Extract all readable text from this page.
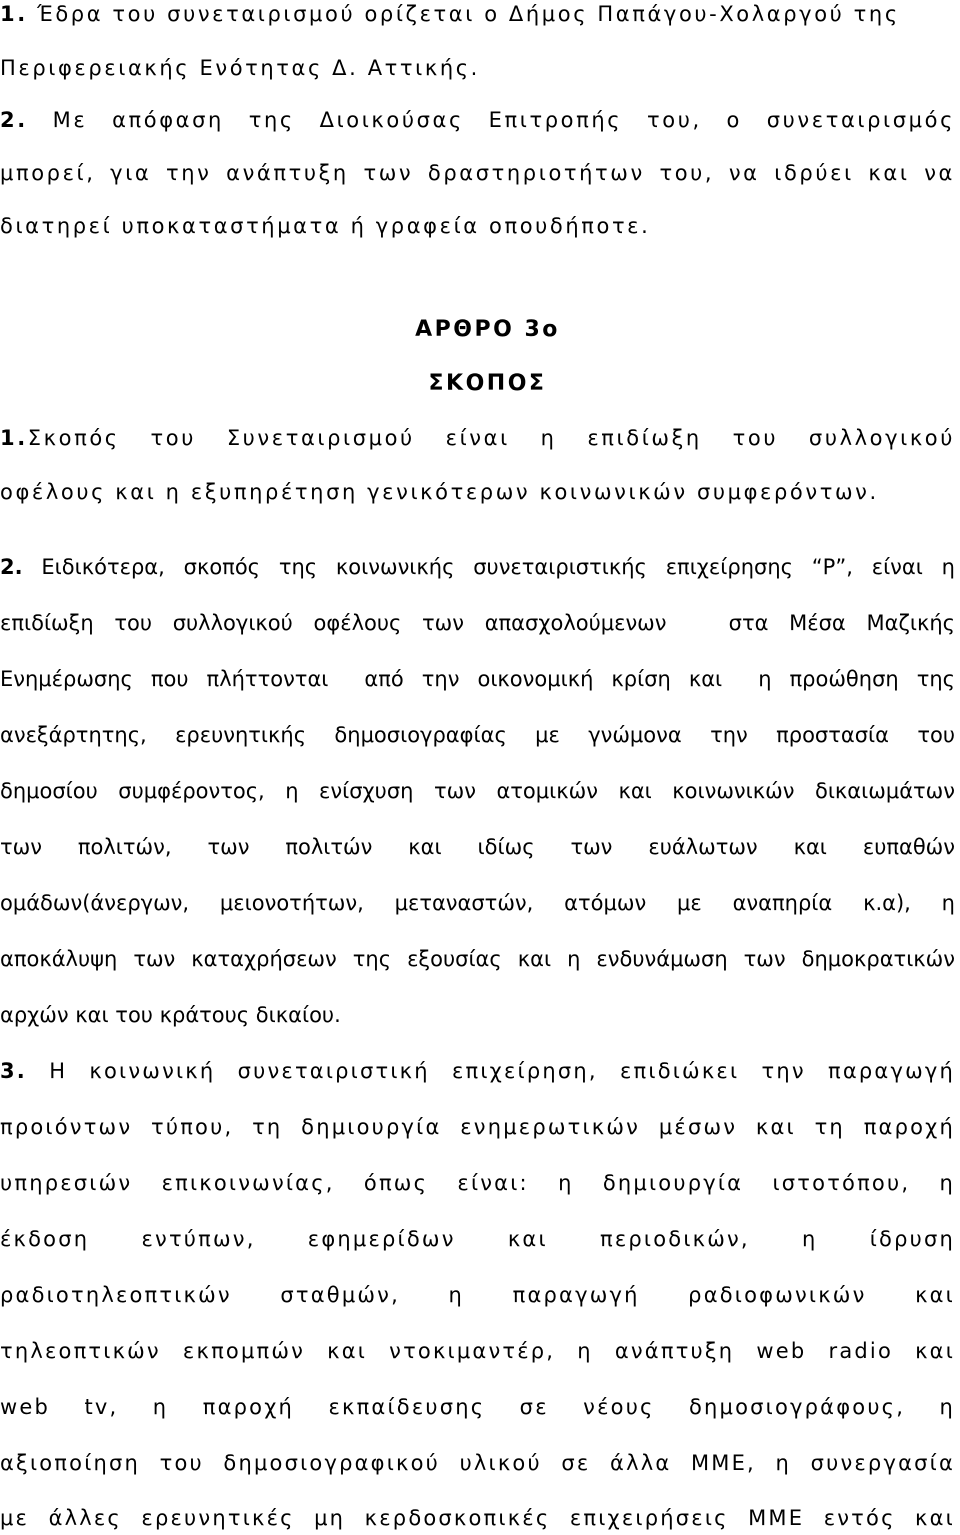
1. Έδρα του συνεταιρισμού ορίζεται ο Δήμος Παπάγου-Χολαργού της
Περιφερειακής Ενότητας Δ. Αττικής.
2. Με απόφαση της Διοικούσας Επιτροπής του, ο συνεταιρισμός
μπορεί, για την ανάπτυξη των δραστηριοτήτων του, να ιδρύει και να
διατηρεί υποκαταστήματα ή γραφεία οπουδήποτε.
ΑΡΘΡΟ 3ο
ΣΚΟΠΟΣ
1.Σκοπός του Συνεταιρισμού είναι η επιδίωξη του συλλογικού
οφέλους και η εξυπηρέτηση γενικότερων κοινωνικών συμφερόντων.
2. Ειδικότερα, σκοπός της κοινωνικής συνεταιριστικής επιχείρησης “Ρ”, είναι η
επιδίωξη του συλλογικού οφέλους των απασχολούμενων   στα Μέσα Μαζικής
Ενημέρωσης που πλήττονται  από την οικονομική κρίση και  η προώθηση της
ανεξάρτητης, ερευνητικής δημοσιογραφίας με γνώμονα την προστασία του
δημοσίου συμφέροντος, η ενίσχυση των ατομικών και κοινωνικών δικαιωμάτων
των πολιτών, των πολιτών και ιδίως των ευάλωτων και ευπαθών
ομάδων(άνεργων, μειονοτήτων, μεταναστών, ατόμων με αναπηρία κ.α), η
αποκάλυψη των καταχρήσεων της εξουσίας και η ενδυνάμωση των δημοκρατικών
αρχών και του κράτους δικαίου.
3. Η κοινωνική συνεταιριστική επιχείρηση, επιδιώκει την παραγωγή
προιόντων τύπου, τη δημιουργία ενημερωτικών μέσων και τη παροχή
υπηρεσιών επικοινωνίας, όπως είναι: η δημιουργία ιστοτόπου, η
έκδοση εντύπων, εφημερίδων και περιοδικών, η ίδρυση
ραδιοτηλεοπτικών σταθμών, η παραγωγή ραδιοφωνικών και
τηλεοπτικών εκπομπών και ντοκιμαντέρ, η ανάπτυξη web radio και
web tv, η παροχή εκπαίδευσης σε νέους δημοσιογράφους, η
αξιοποίηση του δημοσιογραφικού υλικού σε άλλα ΜΜΕ, η συνεργασία
με άλλες ερευνητικές μη κερδοσκοπικές επιχειρήσεις ΜΜΕ εντός και
